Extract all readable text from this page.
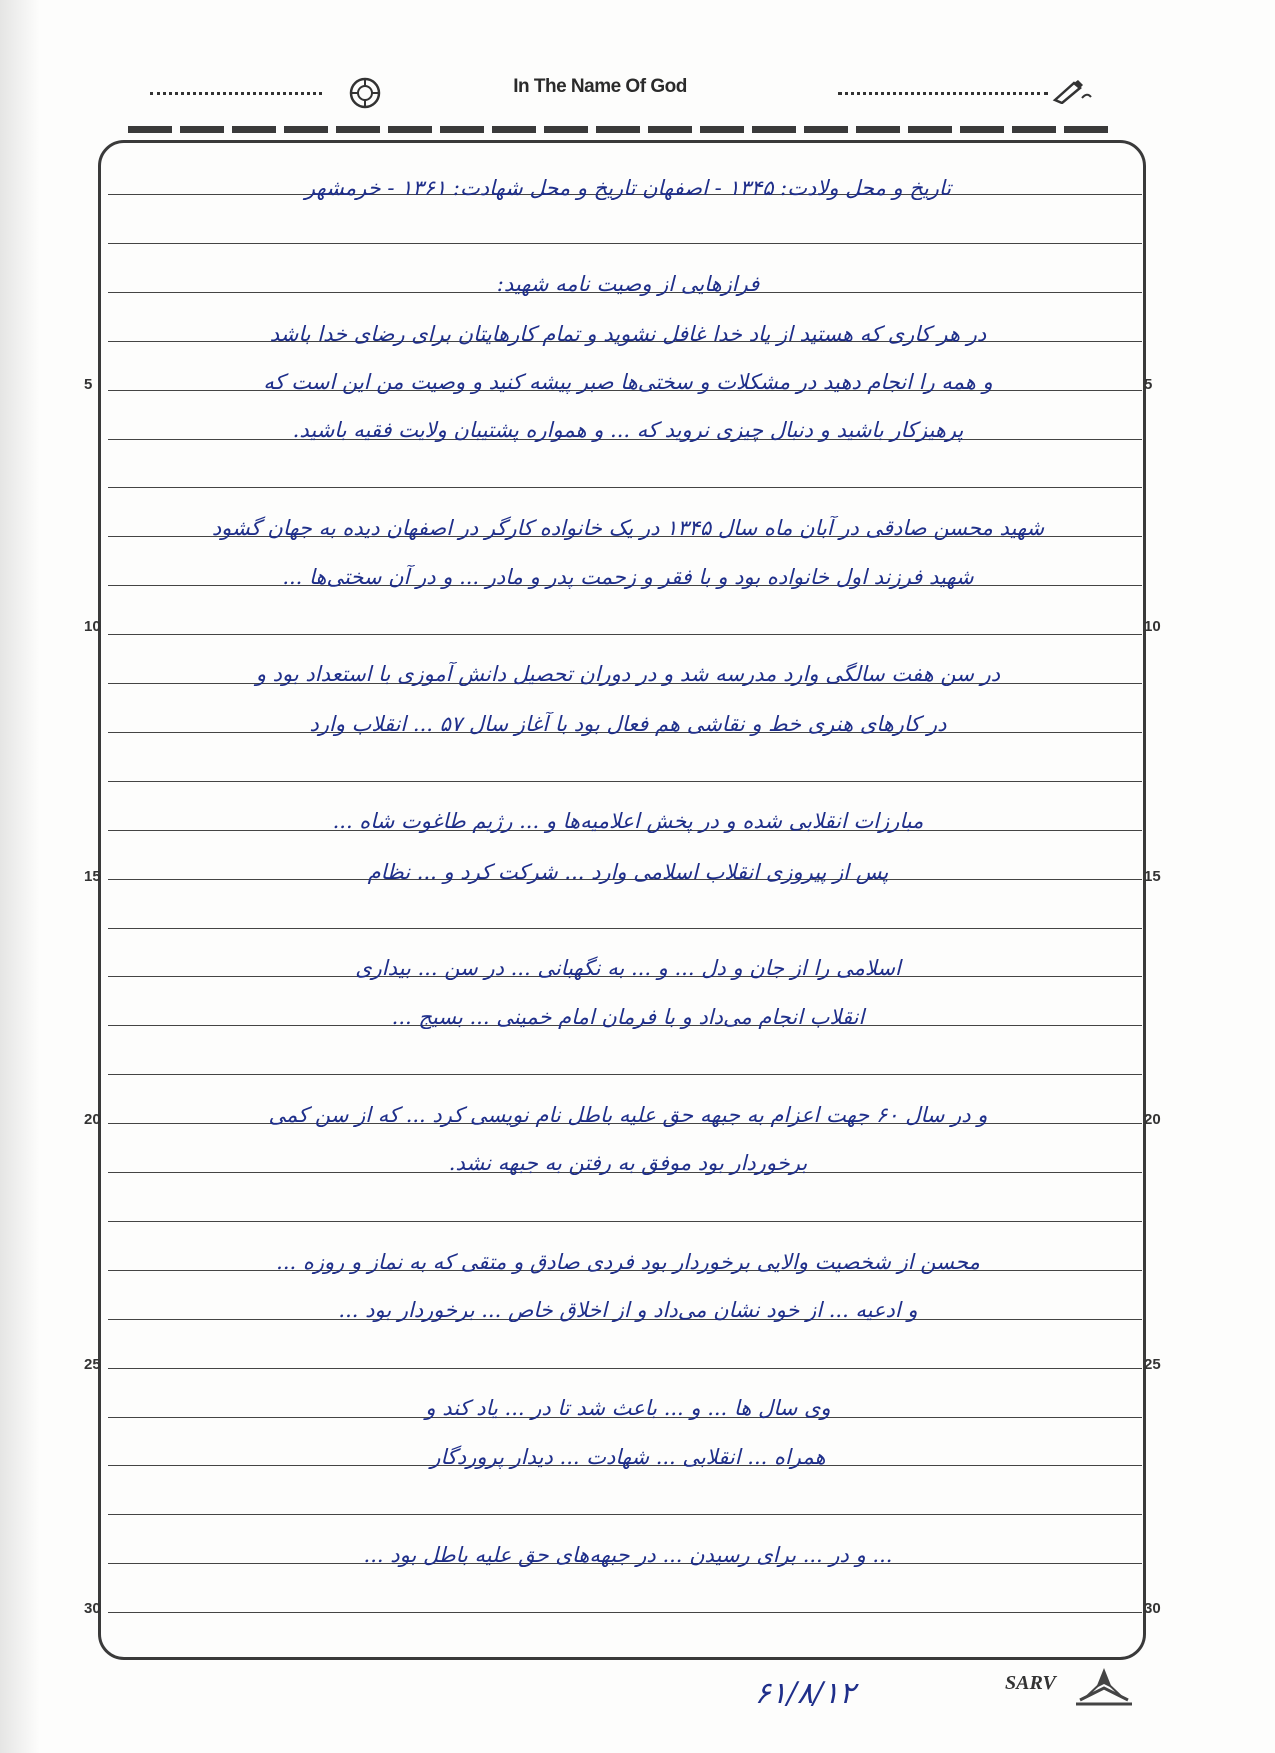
In The Name Of God
5	5
10	10
15	15
20	20
25	25
30	30
تاریخ و محل ولادت: ۱۳۴۵ - اصفهان تاریخ و محل شهادت: ۱۳۶۱ - خرمشهر
فرازهایی از وصیت نامه شهید:
در هر کاری که هستید از یاد خدا غافل نشوید و تمام کارهایتان برای رضای خدا باشد
و همه را انجام دهید در مشکلات و سختی‌ها صبر پیشه کنید و وصیت من این است که
پرهیزکار باشید و دنبال چیزی نروید که ... و همواره پشتیبان ولایت فقیه باشید.
شهید محسن صادقی در آبان ماه سال ۱۳۴۵ در یک خانواده کارگر در اصفهان دیده به جهان گشود
شهید فرزند اول خانواده بود و با فقر و زحمت پدر و مادر ... و در آن سختی‌ها ...
در سن هفت سالگی وارد مدرسه شد و در دوران تحصیل دانش آموزی با استعداد بود و
در کارهای هنری خط و نقاشی هم فعال بود با آغاز سال ۵۷ ... انقلاب وارد
مبارزات انقلابی شده و در پخش اعلامیه‌ها و ... رژیم طاغوت شاه ...
پس از پیروزی انقلاب اسلامی وارد ... شرکت کرد و ... نظام
اسلامی را از جان و دل ... و ... به نگهبانی ... در سن ... بیداری
انقلاب انجام می‌داد و با فرمان امام خمینی ... بسیج ...
و در سال ۶۰ جهت اعزام به جبهه حق علیه باطل نام نویسی کرد ... که از سن کمی
برخوردار بود موفق به رفتن به جبهه نشد.
محسن از شخصیت والایی برخوردار بود فردی صادق و متقی که به نماز و روزه ...
و ادعیه ... از خود نشان می‌داد و از اخلاق خاص ... برخوردار بود ...
وی سال ها ... و ... باعث شد تا در ... یاد کند و
همراه ... انقلابی ... شهادت ... دیدار پروردگار
... و در ... برای رسیدن ... در جبهه‌های حق علیه باطل بود ...
۶۱/۸/۱۲	SARV
